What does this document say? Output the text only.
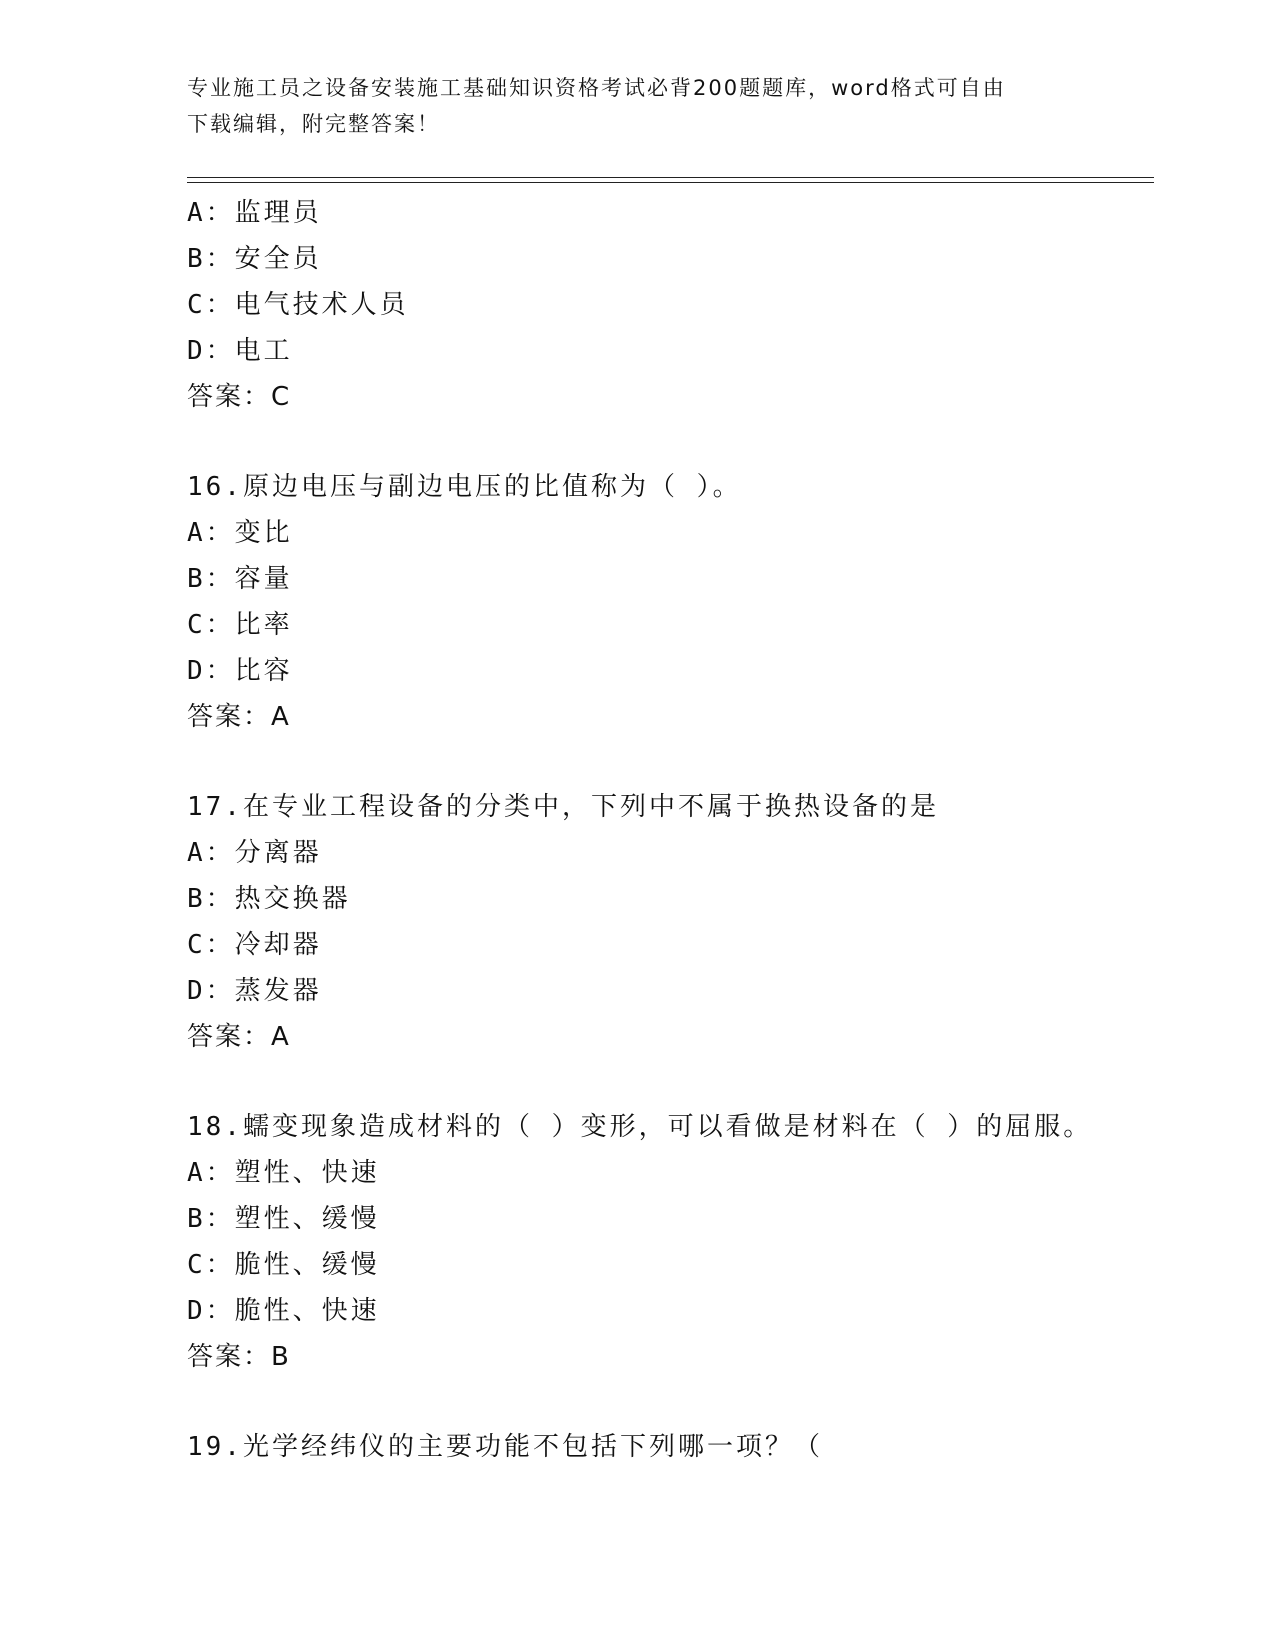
专业施工员之设备安装施工基础知识资格考试必背200题题库，word格式可自由
下载编辑，附完整答案！
A：监理员
B：安全员
C：电气技术人员
D：电工
答案：C
16.原边电压与副边电压的比值称为（ ）。
A：变比
B：容量
C：比率
D：比容
答案：A
17.在专业工程设备的分类中，下列中不属于换热设备的是
A：分离器
B：热交换器
C：冷却器
D：蒸发器
答案：A
18.蠕变现象造成材料的（ ）变形，可以看做是材料在（ ）的屈服。
A：塑性、快速
B：塑性、缓慢
C：脆性、缓慢
D：脆性、快速
答案：B
19.光学经纬仪的主要功能不包括下列哪一项？（
